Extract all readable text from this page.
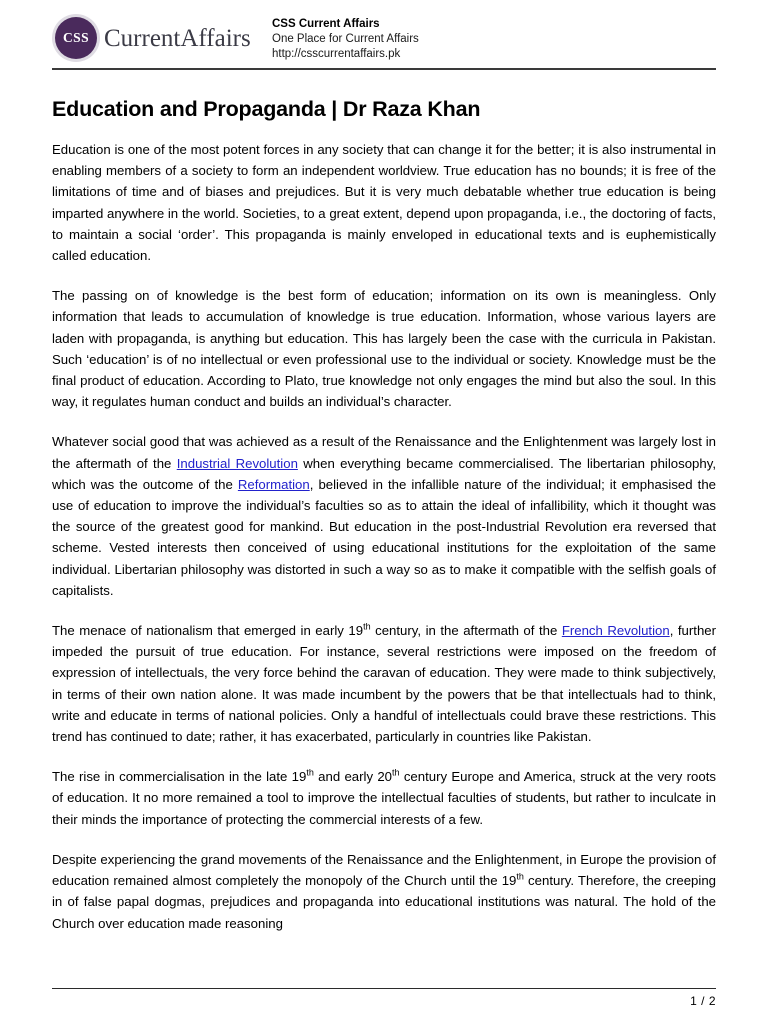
CSS CurrentAffairs
CSS Current Affairs
One Place for Current Affairs
http://csscurrentaffairs.pk
Education and Propaganda | Dr Raza Khan

Education is one of the most potent forces in any society that can change it for the better; it is also instrumental in enabling members of a society to form an independent worldview. True education has no bounds; it is free of the limitations of time and of biases and prejudices. But it is very much debatable whether true education is being imparted anywhere in the world. Societies, to a great extent, depend upon propaganda, i.e., the doctoring of facts, to maintain a social ‘order’. This propaganda is mainly enveloped in educational texts and is euphemistically called education.

The passing on of knowledge is the best form of education; information on its own is meaningless. Only information that leads to accumulation of knowledge is true education. Information, whose various layers are laden with propaganda, is anything but education. This has largely been the case with the curricula in Pakistan. Such ‘education’ is of no intellectual or even professional use to the individual or society. Knowledge must be the final product of education. According to Plato, true knowledge not only engages the mind but also the soul. In this way, it regulates human conduct and builds an individual’s character.

Whatever social good that was achieved as a result of the Renaissance and the Enlightenment was largely lost in the aftermath of the Industrial Revolution when everything became commercialised. The libertarian philosophy, which was the outcome of the Reformation, believed in the infallible nature of the individual; it emphasised the use of education to improve the individual’s faculties so as to attain the ideal of infallibility, which it thought was the source of the greatest good for mankind. But education in the post-Industrial Revolution era reversed that scheme. Vested interests then conceived of using educational institutions for the exploitation of the same individual. Libertarian philosophy was distorted in such a way so as to make it compatible with the selfish goals of capitalists.

The menace of nationalism that emerged in early 19th century, in the aftermath of the French Revolution, further impeded the pursuit of true education. For instance, several restrictions were imposed on the freedom of expression of intellectuals, the very force behind the caravan of education. They were made to think subjectively, in terms of their own nation alone. It was made incumbent by the powers that be that intellectuals had to think, write and educate in terms of national policies. Only a handful of intellectuals could brave these restrictions. This trend has continued to date; rather, it has exacerbated, particularly in countries like Pakistan.

The rise in commercialisation in the late 19th and early 20th century Europe and America, struck at the very roots of education. It no more remained a tool to improve the intellectual faculties of students, but rather to inculcate in their minds the importance of protecting the commercial interests of a few.

Despite experiencing the grand movements of the Renaissance and the Enlightenment, in Europe the provision of education remained almost completely the monopoly of the Church until the 19th century. Therefore, the creeping in of false papal dogmas, prejudices and propaganda into educational institutions was natural. The hold of the Church over education made reasoning

1 / 2
